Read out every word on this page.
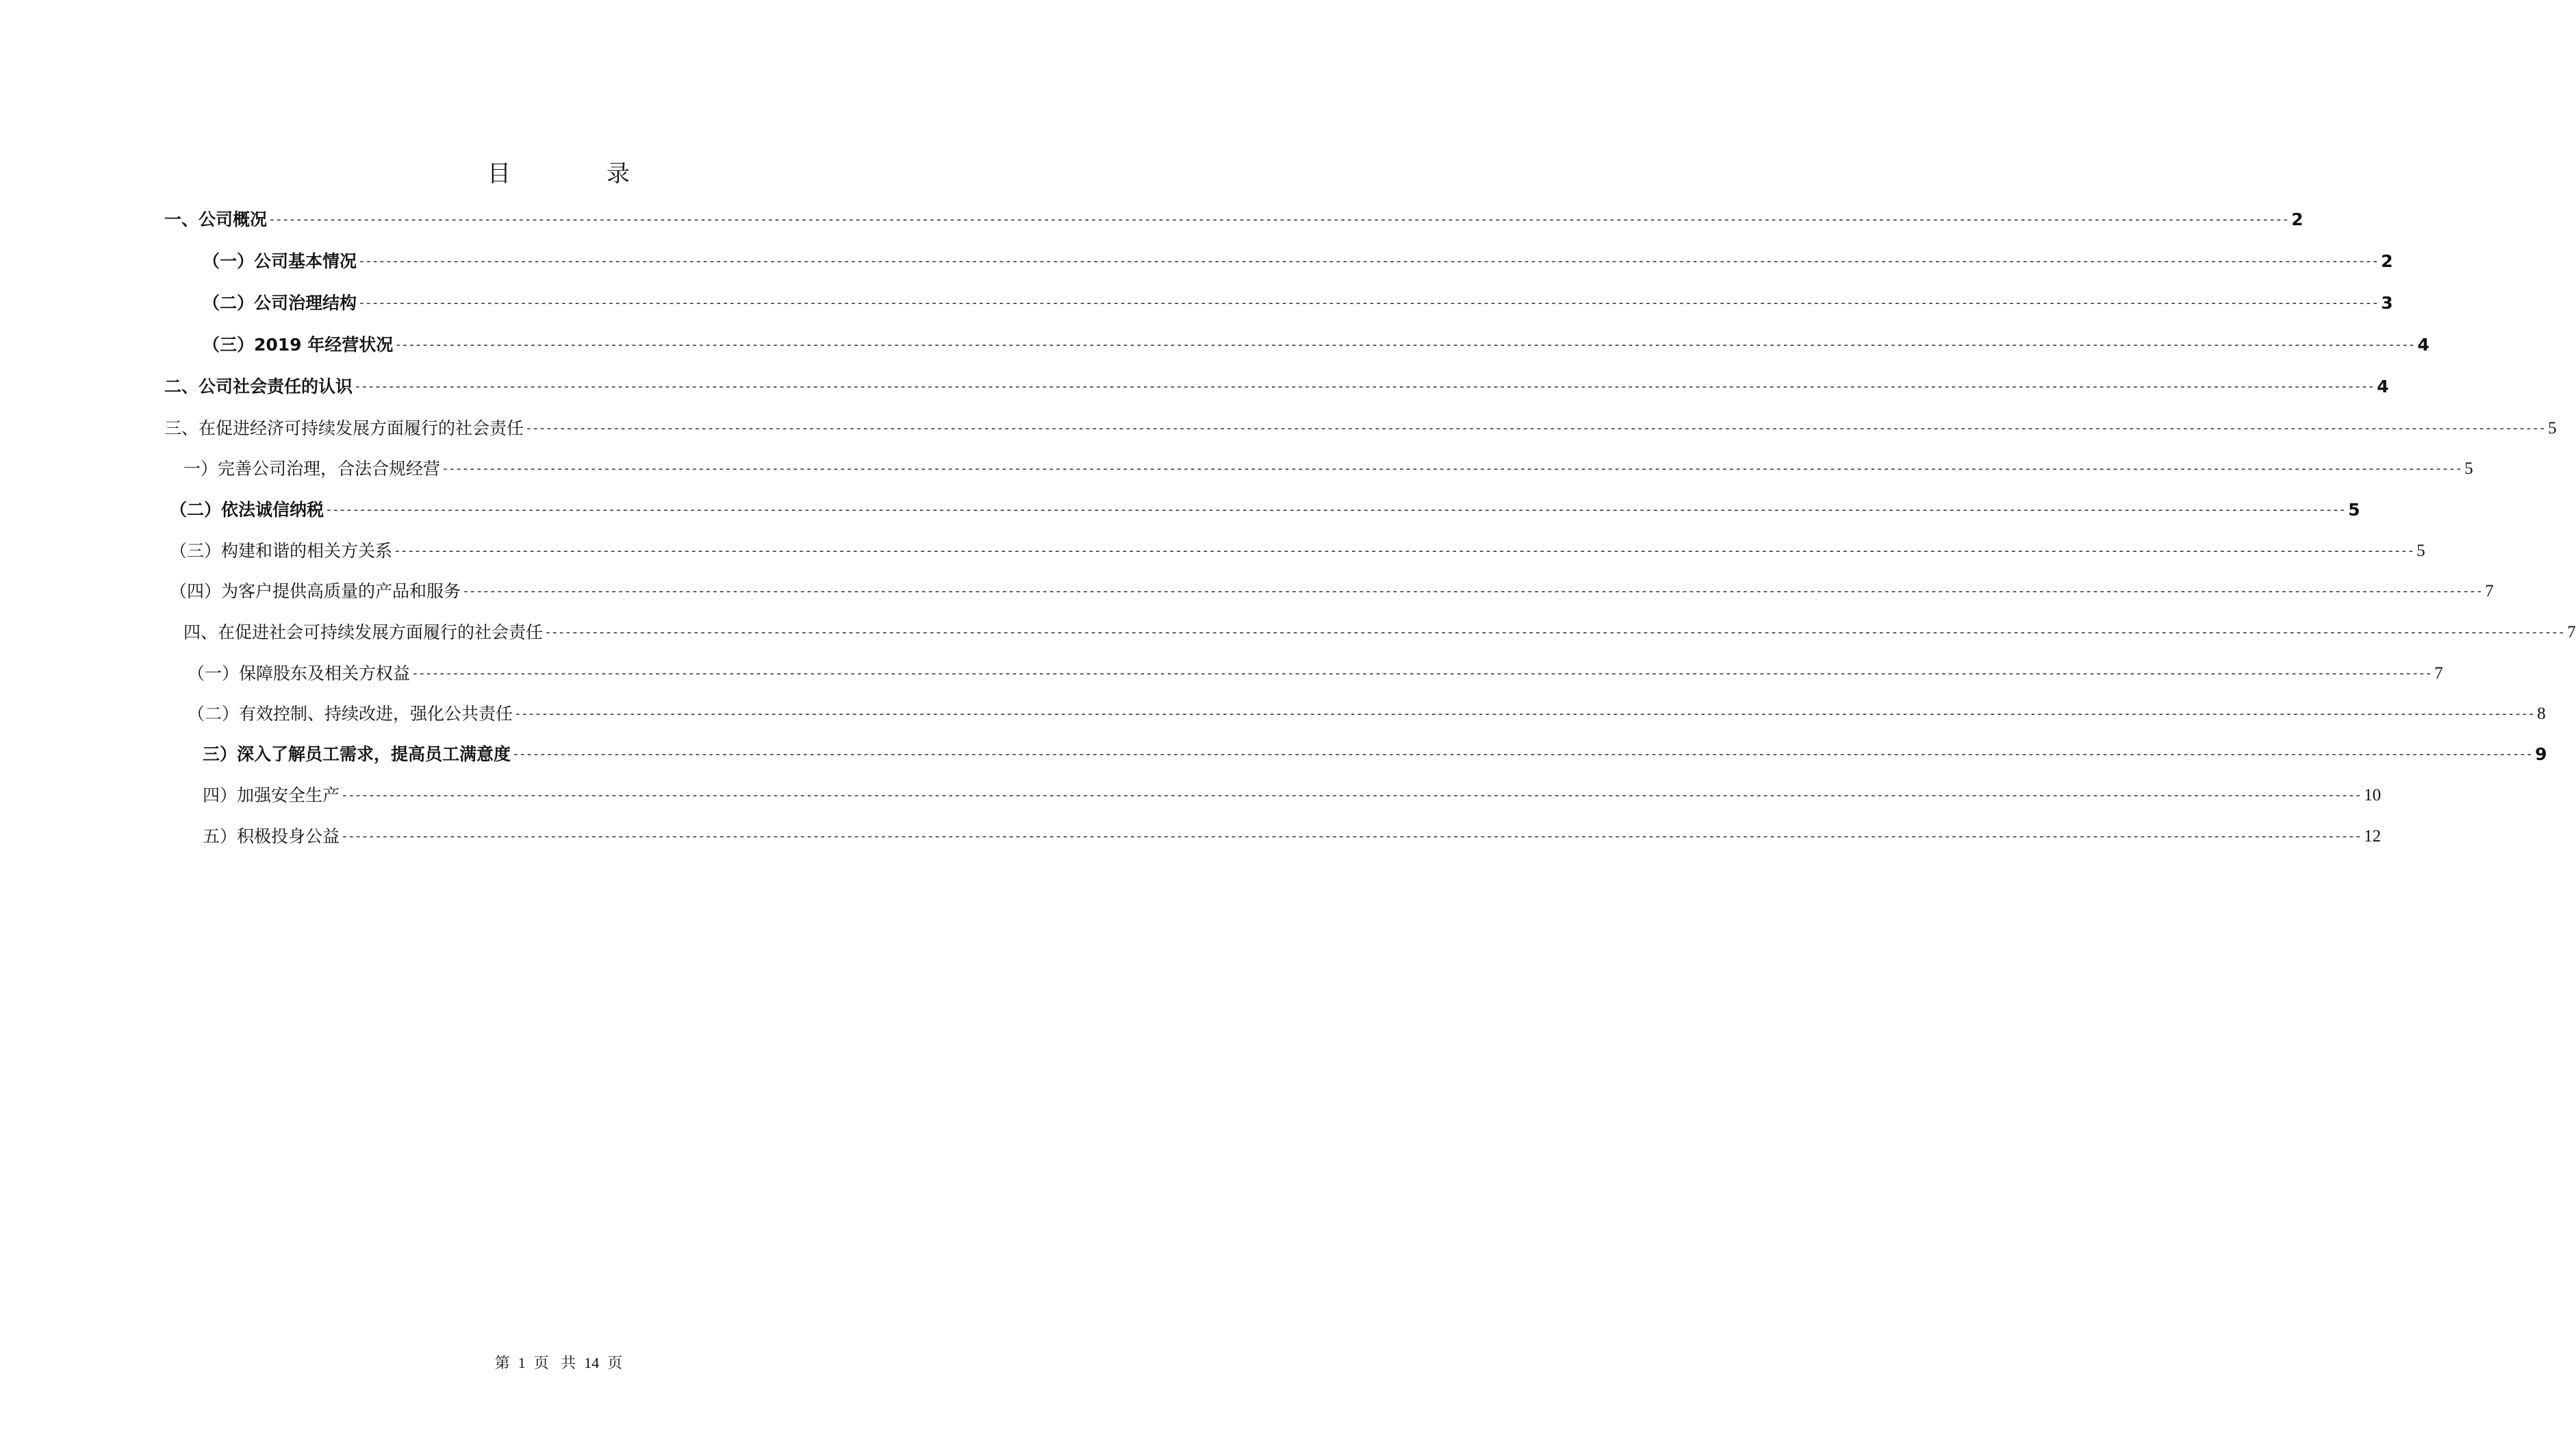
目	录
一、公司概况 ------------------------------------------------------------------------------------------------------------------------------------------------------------------------------------------------------------------------------------------------------------------------------------------------------------ 2
（一）公司基本情况 ------------------------------------------------------------------------------------------------------------------------------------------------------------------------------------------------------------------------------------------------------------------------------------------------------------ 2
（二）公司治理结构 ------------------------------------------------------------------------------------------------------------------------------------------------------------------------------------------------------------------------------------------------------------------------------------------------------------ 3
（三）2019 年经营状况 ------------------------------------------------------------------------------------------------------------------------------------------------------------------------------------------------------------------------------------------------------------------------------------------------------------ 4
二、公司社会责任的认识 ------------------------------------------------------------------------------------------------------------------------------------------------------------------------------------------------------------------------------------------------------------------------------------------------------------ 4
三、在促进经济可持续发展方面履行的社会责任 ------------------------------------------------------------------------------------------------------------------------------------------------------------------------------------------------------------------------------------------------------------------------------------------------------------ 5
一）完善公司治理，合法合规经营 ------------------------------------------------------------------------------------------------------------------------------------------------------------------------------------------------------------------------------------------------------------------------------------------------------------ 5
（二）依法诚信纳税 ------------------------------------------------------------------------------------------------------------------------------------------------------------------------------------------------------------------------------------------------------------------------------------------------------------ 5
（三）构建和谐的相关方关系 ------------------------------------------------------------------------------------------------------------------------------------------------------------------------------------------------------------------------------------------------------------------------------------------------------------ 5
（四）为客户提供高质量的产品和服务 ------------------------------------------------------------------------------------------------------------------------------------------------------------------------------------------------------------------------------------------------------------------------------------------------------------ 7
四、在促进社会可持续发展方面履行的社会责任 ------------------------------------------------------------------------------------------------------------------------------------------------------------------------------------------------------------------------------------------------------------------------------------------------------------ 7
（一）保障股东及相关方权益 ------------------------------------------------------------------------------------------------------------------------------------------------------------------------------------------------------------------------------------------------------------------------------------------------------------ 7
（二）有效控制、持续改进，强化公共责任 ------------------------------------------------------------------------------------------------------------------------------------------------------------------------------------------------------------------------------------------------------------------------------------------------------------ 8
三）深入了解员工需求，提高员工满意度 ------------------------------------------------------------------------------------------------------------------------------------------------------------------------------------------------------------------------------------------------------------------------------------------------------------ 9
四）加强安全生产 ------------------------------------------------------------------------------------------------------------------------------------------------------------------------------------------------------------------------------------------------------------------------------------------------------------ 10
五）积极投身公益 ------------------------------------------------------------------------------------------------------------------------------------------------------------------------------------------------------------------------------------------------------------------------------------------------------------ 12
第 1 页 共 14 页
